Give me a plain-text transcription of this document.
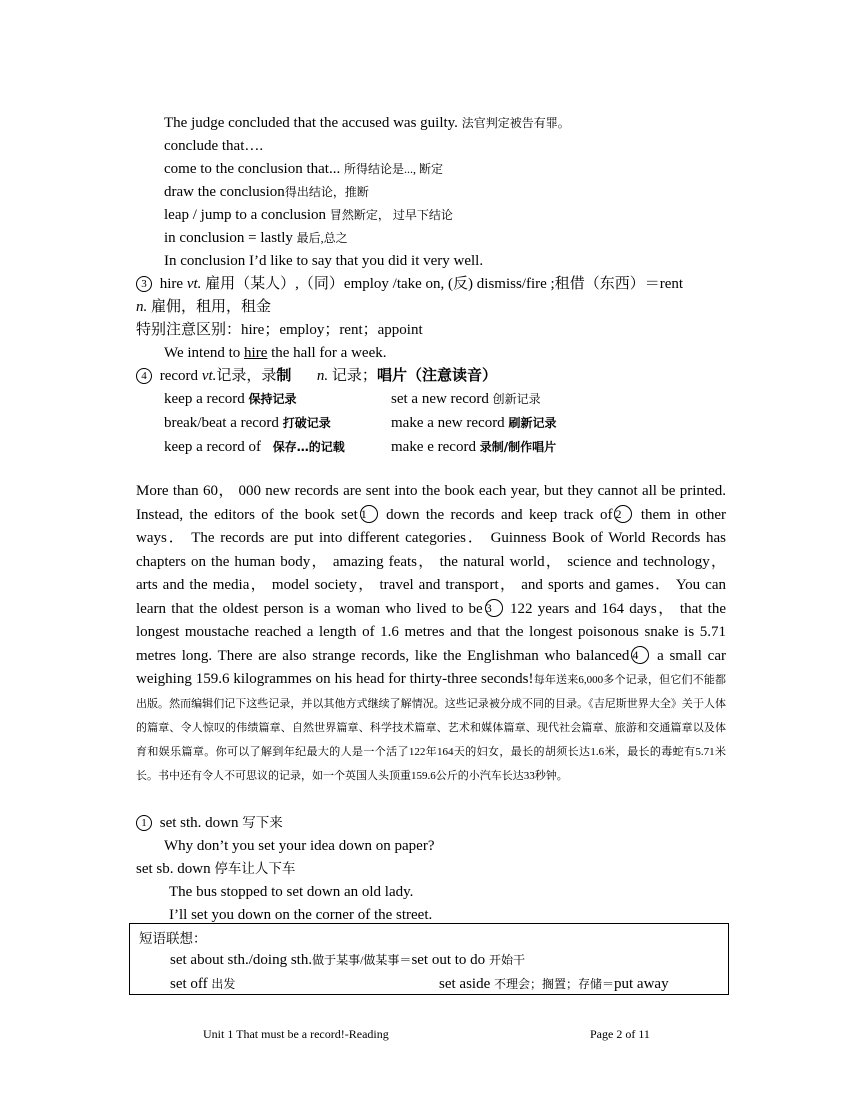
The judge concluded that the accused was guilty. 法官判定被告有罪。
conclude that….
come to the conclusion that... 所得结论是..., 断定
draw the conclusion得出结论，推断
leap / jump to a conclusion 冒然断定， 过早下结论
in conclusion = lastly 最后,总之
In conclusion I’d like to say that you did it very well.
3 hire vt. 雇用（某人）,（同）employ /take on, (反) dismiss/fire ;租借（东西）＝rent
n. 雇佣，租用，租金
特别注意区别：hire；employ；rent；appoint
We intend to hire the hall for a week.
4 record vt.记录，录制 n. 记录；唱片（注意读音）
keep a record 保持记录	set a new record 创新记录
break/beat a record 打破记录	make a new record 刷新记录
keep a record of 保存…的记载	make e record 录制/制作唱片
More than 60， 000 new records are sent into the book each year, but they cannot all be printed. Instead, the editors of the book set 1 down the records and keep track of 2 them in other ways． The records are put into different categories． Guinness Book of World Records has chapters on the human body， amazing feats， the natural world， science and technology， arts and the media， model society， travel and transport， and sports and games． You can learn that the oldest person is a woman who lived to be 3 122 years and 164 days， that the longest moustache reached a length of 1.6 metres and that the longest poisonous snake is 5.71 metres long. There are also strange records, like the Englishman who balanced 4 a small car weighing 159.6 kilogrammes on his head for thirty-three seconds!每年送来6,000多个记录，但它们不能都出版。然而编辑们记下这些记录，并以其他方式继续了解情况。这些记录被分成不同的目录。《吉尼斯世界大全》关于人体的篇章、令人惊叹的伟绩篇章、自然世界篇章、科学技术篇章、艺术和媒体篇章、现代社会篇章、旅游和交通篇章以及体育和娱乐篇章。你可以了解到年纪最大的人是一个活了122年164天的妇女，最长的胡须长达1.6米，最长的毒蛇有5.71米长。书中还有令人不可思议的记录，如一个英国人头顶重159.6公斤的小汽车长达33秒钟。
1 set sth. down 写下来
Why don’t you set your idea down on paper?
set sb. down 停车让人下车
The bus stopped to set down an old lady.
I’ll set you down on the corner of the street.
短语联想：
set about sth./doing sth.做于某事/做某事＝set out to do 开始干
set off 出发	set aside 不理会；搁置；存储＝put away
Unit 1 That must be a record!-Reading	Page 2 of 11
